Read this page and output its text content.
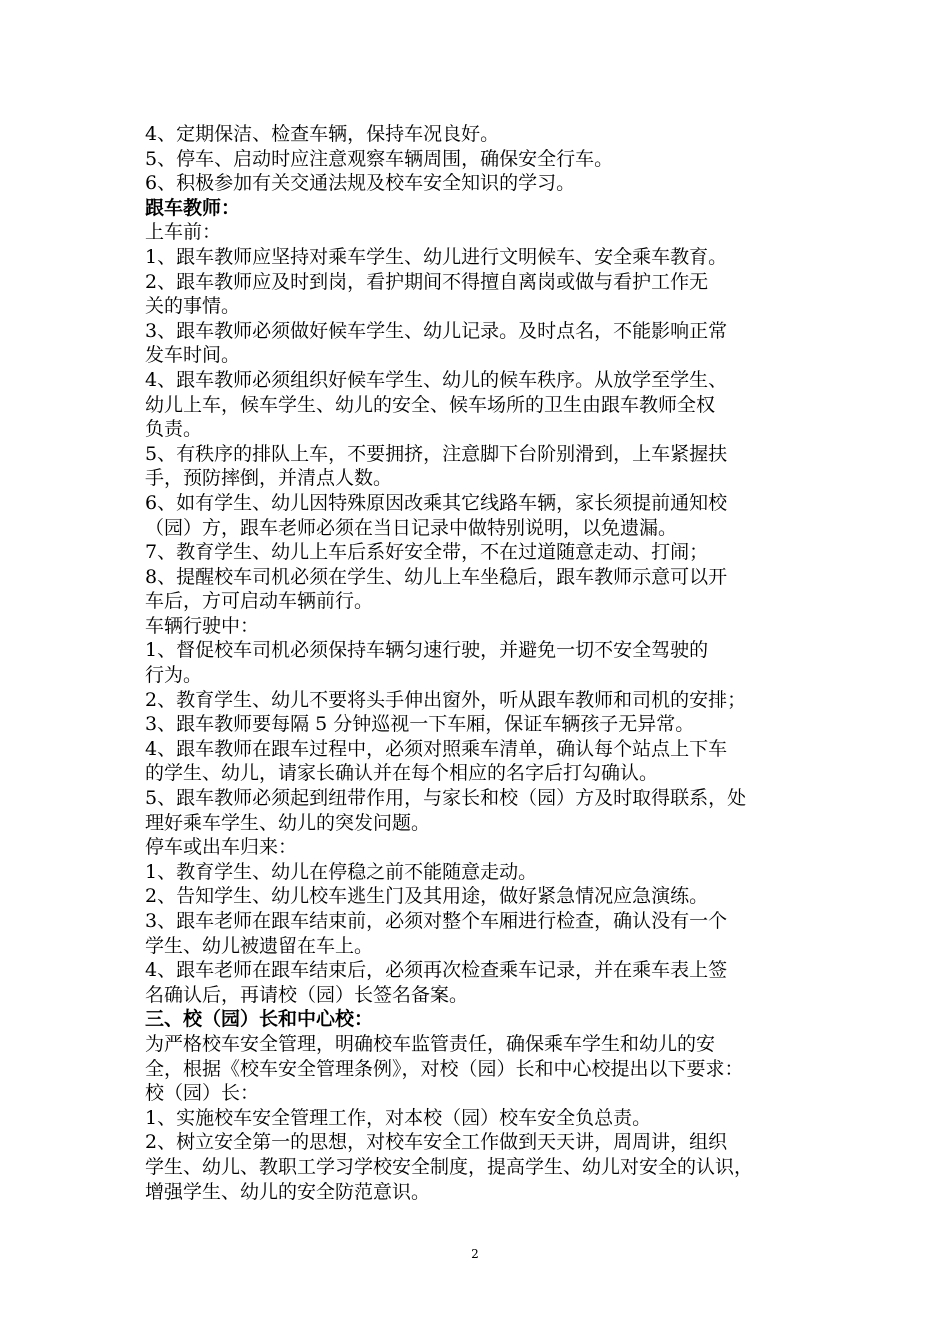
4、定期保洁、检查车辆，保持车况良好。
5、停车、启动时应注意观察车辆周围，确保安全行车。
6、积极参加有关交通法规及校车安全知识的学习。
跟车教师：
上车前：
1、跟车教师应坚持对乘车学生、幼儿进行文明候车、安全乘车教育。
2、跟车教师应及时到岗，看护期间不得擅自离岗或做与看护工作无
关的事情。
3、跟车教师必须做好候车学生、幼儿记录。及时点名，不能影响正常
发车时间。
4、跟车教师必须组织好候车学生、幼儿的候车秩序。从放学至学生、
幼儿上车，候车学生、幼儿的安全、候车场所的卫生由跟车教师全权
负责。
5、有秩序的排队上车，不要拥挤，注意脚下台阶别滑到，上车紧握扶
手，预防摔倒，并清点人数。
6、如有学生、幼儿因特殊原因改乘其它线路车辆，家长须提前通知校
（园）方，跟车老师必须在当日记录中做特别说明，以免遗漏。
7、教育学生、幼儿上车后系好安全带，不在过道随意走动、打闹；
8、提醒校车司机必须在学生、幼儿上车坐稳后，跟车教师示意可以开
车后，方可启动车辆前行。
车辆行驶中：
1、督促校车司机必须保持车辆匀速行驶，并避免一切不安全驾驶的
行为。
2、教育学生、幼儿不要将头手伸出窗外，听从跟车教师和司机的安排；
3、跟车教师要每隔 5 分钟巡视一下车厢，保证车辆孩子无异常。
4、跟车教师在跟车过程中，必须对照乘车清单，确认每个站点上下车
的学生、幼儿，请家长确认并在每个相应的名字后打勾确认。
5、跟车教师必须起到纽带作用，与家长和校（园）方及时取得联系，处
理好乘车学生、幼儿的突发问题。
停车或出车归来：
1、教育学生、幼儿在停稳之前不能随意走动。
2、告知学生、幼儿校车逃生门及其用途，做好紧急情况应急演练。
3、跟车老师在跟车结束前，必须对整个车厢进行检查，确认没有一个
学生、幼儿被遗留在车上。
4、跟车老师在跟车结束后，必须再次检查乘车记录，并在乘车表上签
名确认后，再请校（园）长签名备案。
三、校（园）长和中心校：
为严格校车安全管理，明确校车监管责任，确保乘车学生和幼儿的安
全，根据《校车安全管理条例》，对校（园）长和中心校提出以下要求：
校（园）长：
1、实施校车安全管理工作，对本校（园）校车安全负总责。
2、树立安全第一的思想，对校车安全工作做到天天讲，周周讲，组织
学生、幼儿、教职工学习学校安全制度，提高学生、幼儿对安全的认识，
增强学生、幼儿的安全防范意识。
2
